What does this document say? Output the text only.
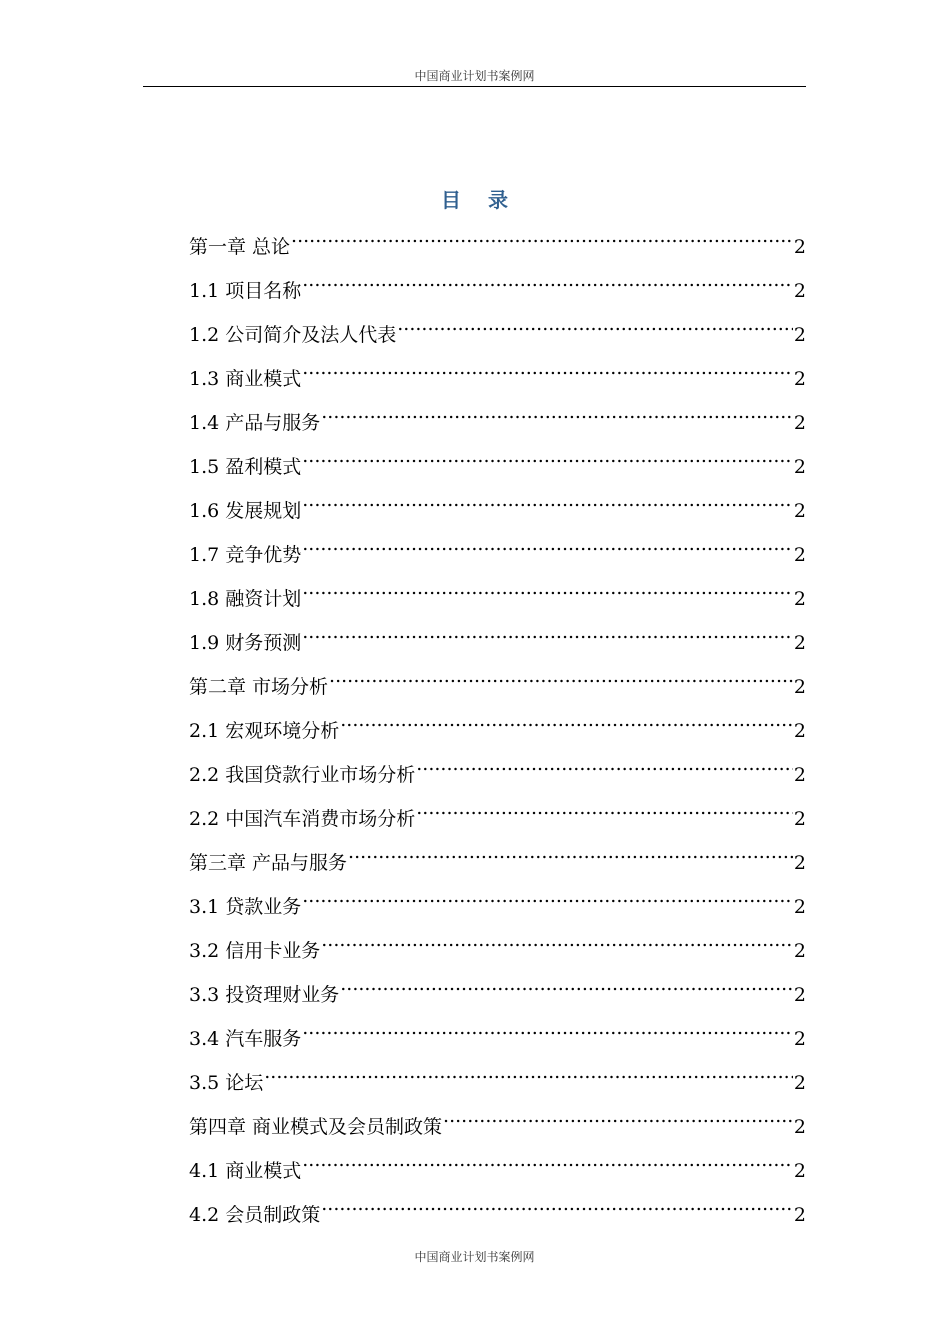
中国商业计划书案例网
目 录
第一章 总论 .....	2
1.1 项目名称 .....	2
1.2 公司简介及法人代表 .....	2
1.3 商业模式 .....	2
1.4 产品与服务 .....	2
1.5 盈利模式 .....	2
1.6 发展规划 .....	2
1.7 竞争优势 .....	2
1.8 融资计划 .....	2
1.9 财务预测 .....	2
第二章 市场分析 .....	2
2.1 宏观环境分析 .....	2
2.2 我国贷款行业市场分析 .....	2
2.2 中国汽车消费市场分析 .....	2
第三章 产品与服务 .....	2
3.1 贷款业务 .....	2
3.2 信用卡业务 .....	2
3.3 投资理财业务 .....	2
3.4 汽车服务 .....	2
3.5 论坛 .....	2
第四章 商业模式及会员制政策 .....	2
4.1 商业模式 .....	2
4.2 会员制政策 .....	2
中国商业计划书案例网
